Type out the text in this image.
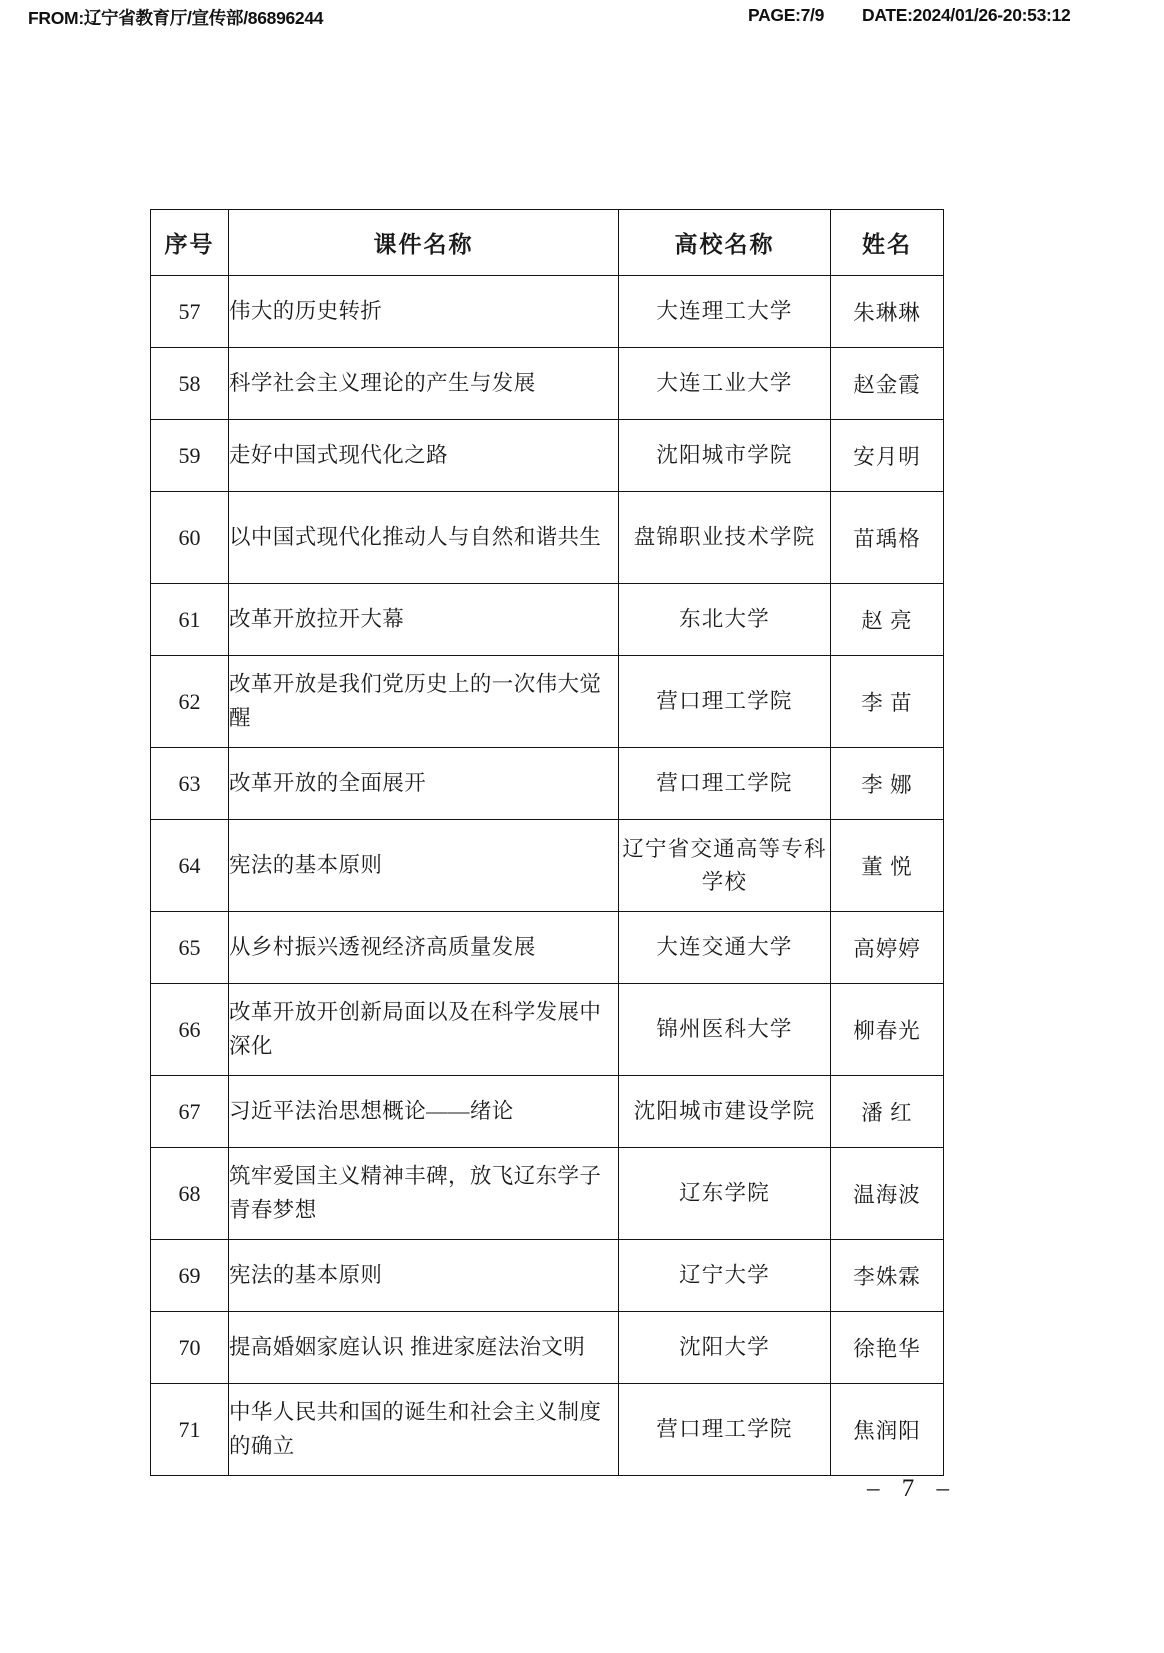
FROM:辽宁省教育厅/宣传部/86896244	PAGE:7/9 DATE:2024/01/26-20:53:12
序号	课件名称	高校名称	姓名
57	伟大的历史转折	大连理工大学	朱琳琳
58	科学社会主义理论的产生与发展	大连工业大学	赵金霞
59	走好中国式现代化之路	沈阳城市学院	安月明
60	以中国式现代化推动人与自然和谐共生	盘锦职业技术学院	苗瑀格
61	改革开放拉开大幕	东北大学	赵 亮
62	改革开放是我们党历史上的一次伟大觉醒	营口理工学院	李 苗
63	改革开放的全面展开	营口理工学院	李 娜
64	宪法的基本原则	辽宁省交通高等专科学校	董 悦
65	从乡村振兴透视经济高质量发展	大连交通大学	高婷婷
66	改革开放开创新局面以及在科学发展中深化	锦州医科大学	柳春光
67	习近平法治思想概论——绪论	沈阳城市建设学院	潘 红
68	筑牢爱国主义精神丰碑，放飞辽东学子青春梦想	辽东学院	温海波
69	宪法的基本原则	辽宁大学	李姝霖
70	提高婚姻家庭认识 推进家庭法治文明	沈阳大学	徐艳华
71	中华人民共和国的诞生和社会主义制度的确立	营口理工学院	焦润阳
– 7 –
